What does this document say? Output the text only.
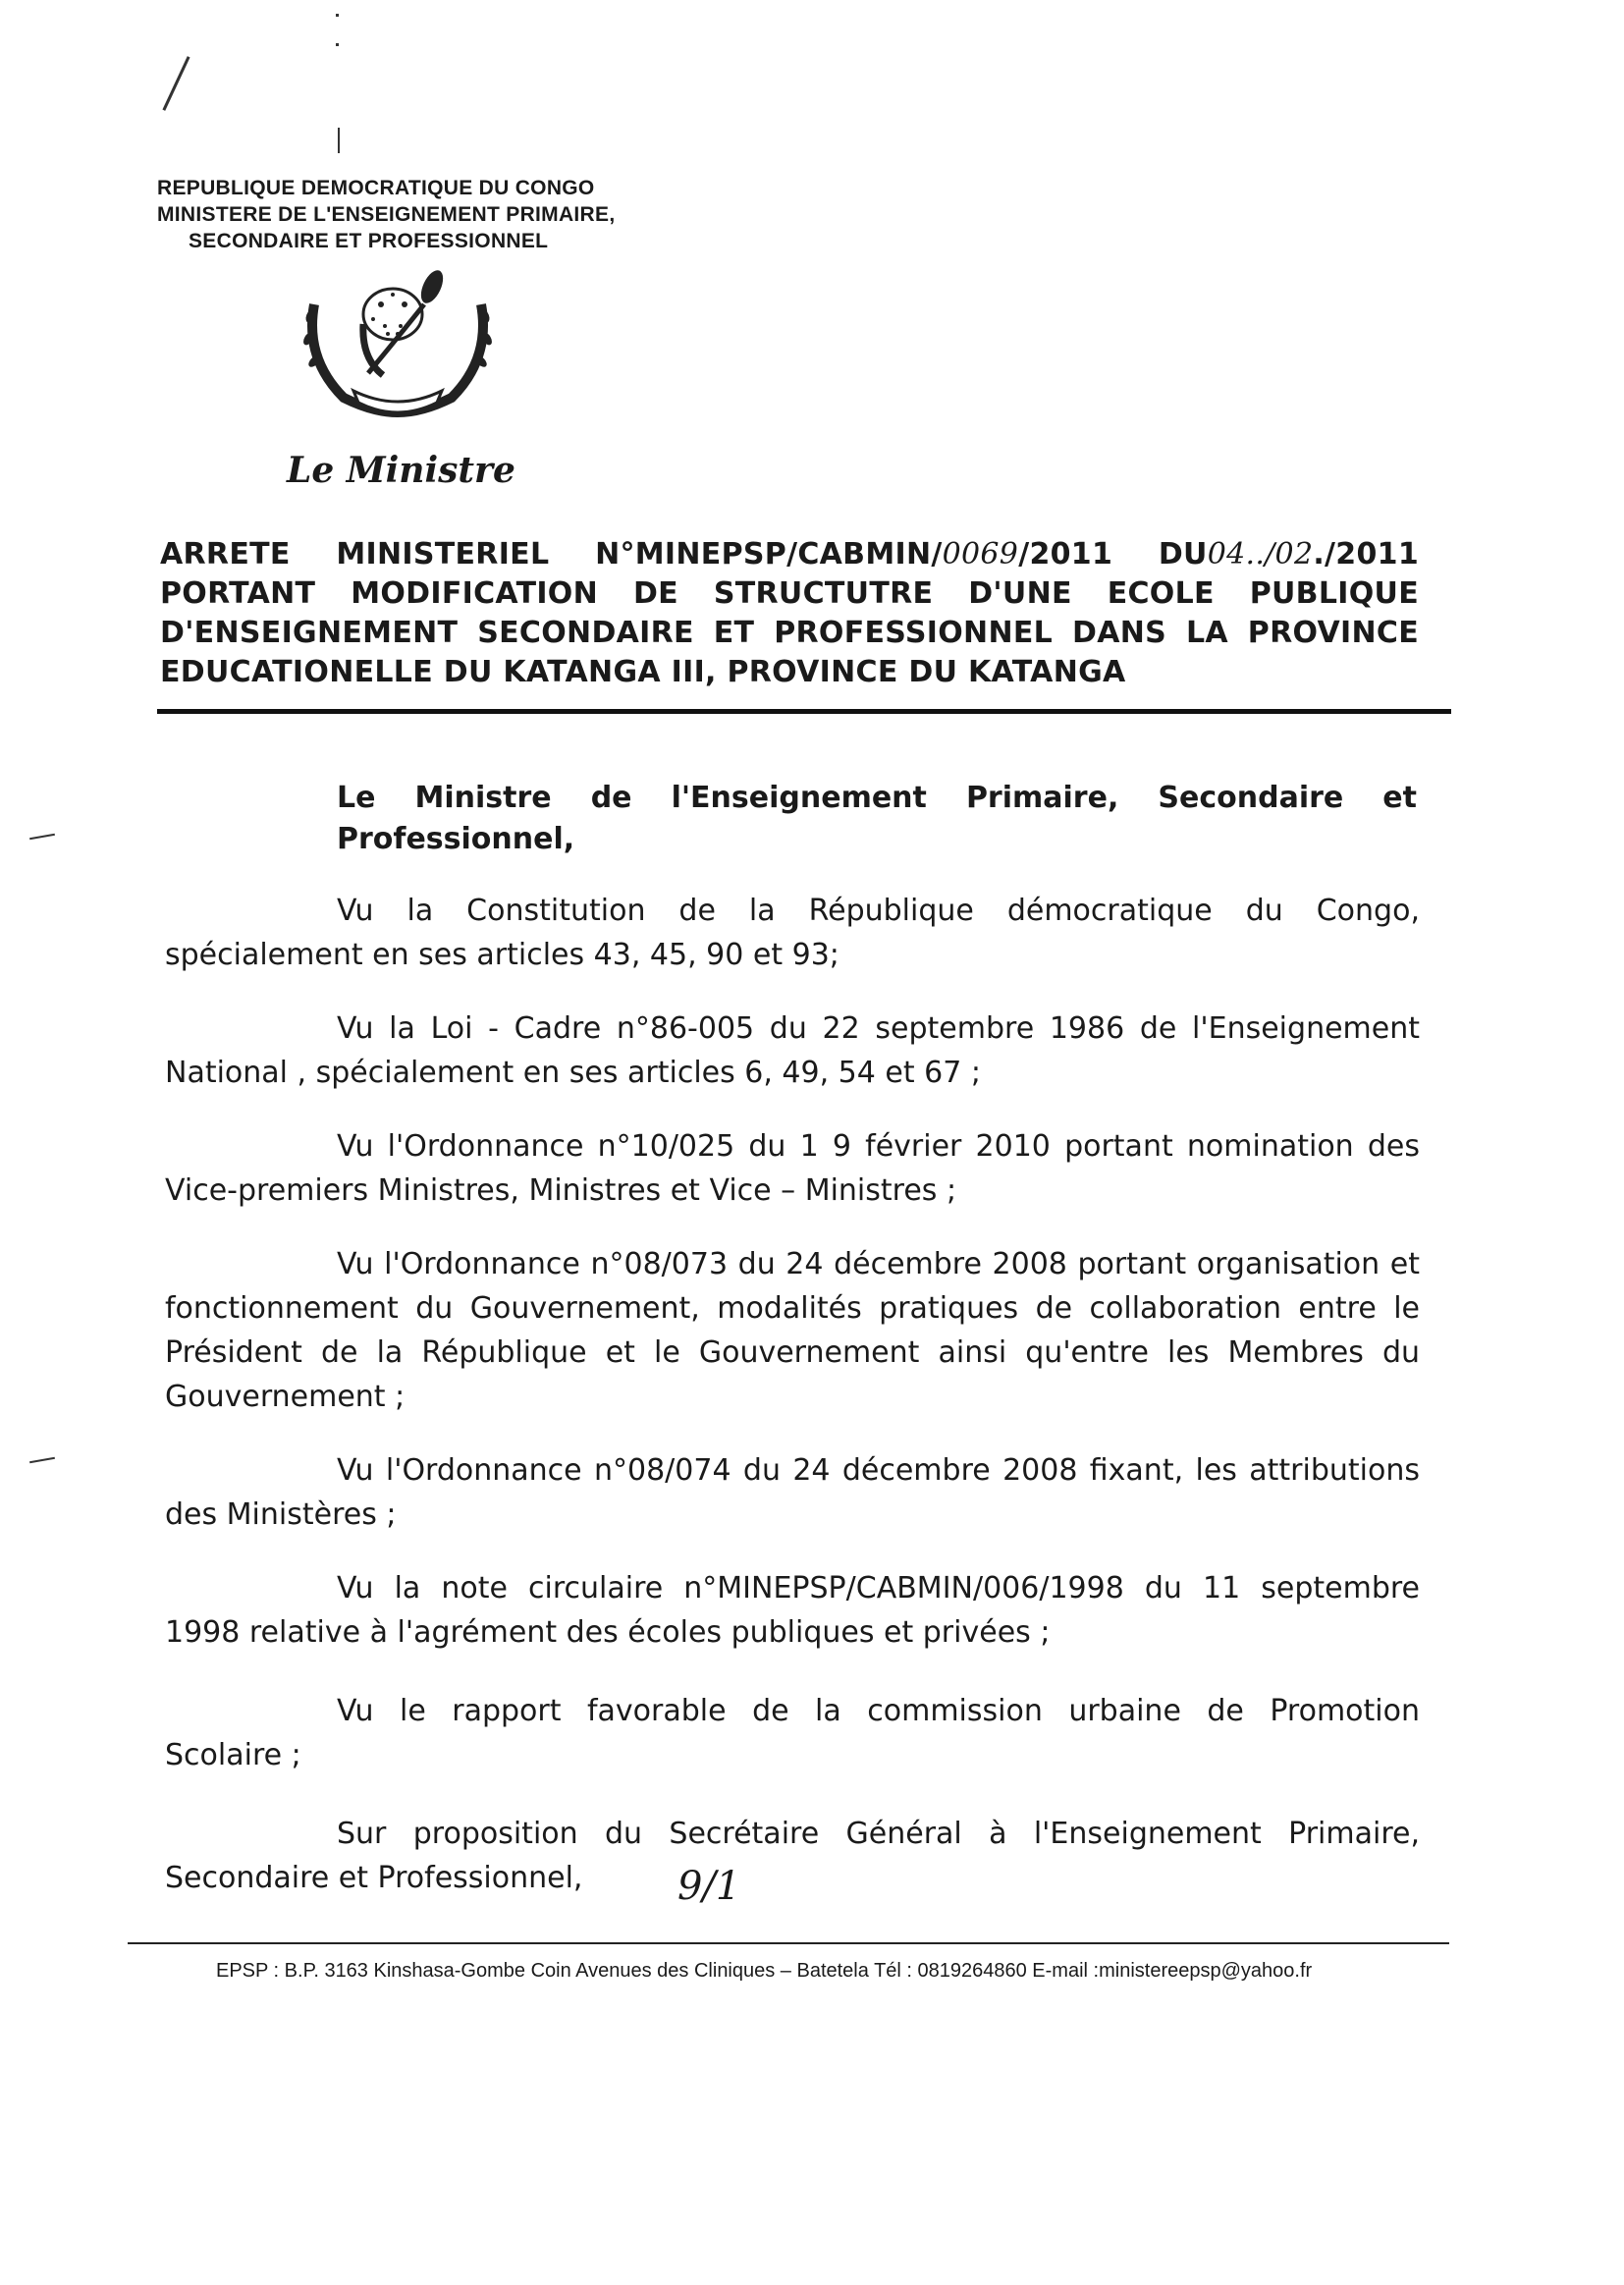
REPUBLIQUE DEMOCRATIQUE DU CONGO
MINISTERE DE L'ENSEIGNEMENT PRIMAIRE,
SECONDAIRE ET PROFESSIONNEL
Le Ministre
ARRETE MINISTERIEL N°MINEPSP/CABMIN/0069/2011 DU04../02./2011
PORTANT MODIFICATION DE STRUCTUTRE D'UNE ECOLE PUBLIQUE
D'ENSEIGNEMENT SECONDAIRE ET PROFESSIONNEL DANS LA PROVINCE
EDUCATIONELLE DU KATANGA III, PROVINCE DU KATANGA
Le Ministre de l'Enseignement Primaire, Secondaire et
Professionnel,
Vu la Constitution de la République démocratique du Congo,
spécialement en ses articles 43, 45, 90 et 93;
Vu la Loi - Cadre n°86-005 du 22 septembre 1986 de l'Enseignement
National , spécialement en ses articles 6, 49, 54 et 67 ;
Vu l'Ordonnance n°10/025 du 1 9 février 2010 portant nomination des
Vice-premiers Ministres, Ministres et Vice – Ministres ;
Vu l'Ordonnance n°08/073 du 24 décembre 2008 portant organisation et
fonctionnement du Gouvernement, modalités pratiques de collaboration entre le
Président de la République et le Gouvernement ainsi qu'entre les Membres du
Gouvernement ;
Vu l'Ordonnance n°08/074 du 24 décembre 2008 fixant, les attributions
des Ministères ;
Vu la note circulaire n°MINEPSP/CABMIN/006/1998 du 11 septembre
1998 relative à l'agrément des écoles publiques et privées ;
Vu le rapport favorable de la commission urbaine de Promotion
Scolaire ;
Sur proposition du Secrétaire Général à l'Enseignement Primaire,
Secondaire et Professionnel,	9/1
EPSP : B.P. 3163 Kinshasa-Gombe Coin Avenues des Cliniques – Batetela Tél : 0819264860 E-mail :ministereepsp@yahoo.fr
